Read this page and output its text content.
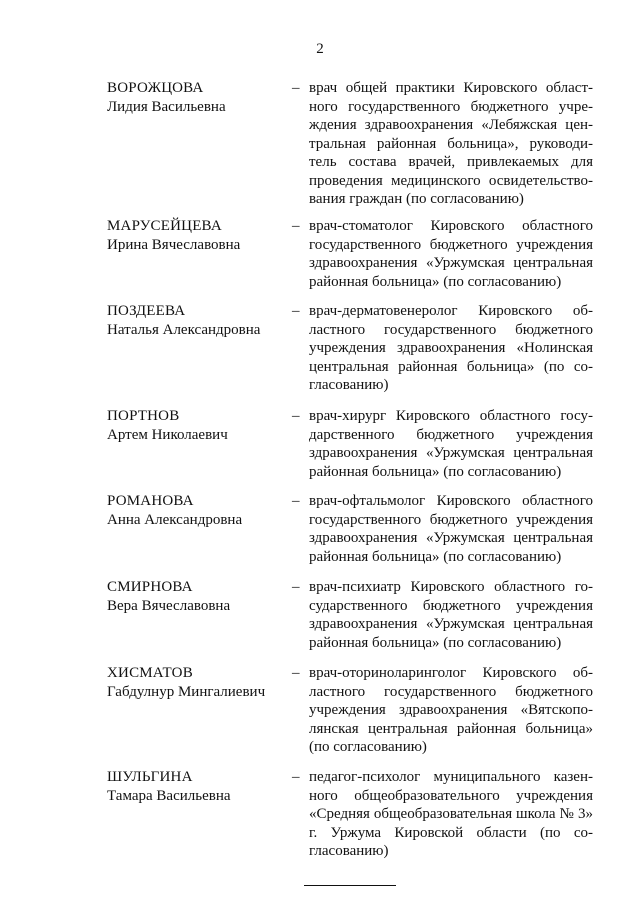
2
ВОРОЖЦОВА
Лидия Васильевна
– врач общей практики Кировского областного государственного бюджетного учреждения здравоохранения «Лебяжская центральная районная больница», руководитель состава врачей, привлекаемых для проведения медицинского освидетельствования граждан (по согласованию)
МАРУСЕЙЦЕВА
Ирина Вячеславовна
– врач-стоматолог Кировского областного государственного бюджетного учреждения здравоохранения «Уржумская центральная районная больница» (по согласованию)
ПОЗДЕЕВА
Наталья Александровна
– врач-дерматовенеролог Кировского областного государственного бюджетного учреждения здравоохранения «Нолинская центральная районная больница» (по согласованию)
ПОРТНОВ
Артем Николаевич
– врач-хирург Кировского областного государственного бюджетного учреждения здравоохранения «Уржумская центральная районная больница» (по согласованию)
РОМАНОВА
Анна Александровна
– врач-офтальмолог Кировского областного государственного бюджетного учреждения здравоохранения «Уржумская центральная районная больница» (по согласованию)
СМИРНОВА
Вера Вячеславовна
– врач-психиатр Кировского областного государственного бюджетного учреждения здравоохранения «Уржумская центральная районная больница» (по согласованию)
ХИСМАТОВ
Габдулнур Мингалиевич
– врач-оториноларинголог Кировского областного государственного бюджетного учреждения здравоохранения «Вятскополянская центральная районная больница» (по согласованию)
ШУЛЬГИНА
Тамара Васильевна
– педагог-психолог муниципального казенного общеобразовательного учреждения «Средняя общеобразовательная школа № 3» г. Уржума Кировской области (по согласованию)
